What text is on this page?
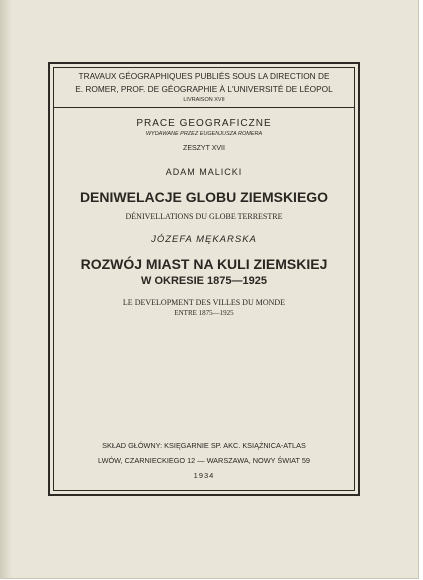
TRAVAUX GÉOGRAPHIQUES PUBLIÉS SOUS LA DIRECTION DE
E. ROMER, PROF. DE GÉOGRAPHIE À L'UNIVERSITÉ DE LÉOPOL
LIVRAISON XVII
PRACE GEOGRAFICZNE
WYDAWANE PRZEZ EUGENJUSZA ROMERA
ZESZYT XVII
ADAM MALICKI
DENIWELACJE GLOBU ZIEMSKIEGO
DÉNIVELLATIONS DU GLOBE TERRESTRE
JÓZEFA MĘKARSKA
ROZWÓJ MIAST NA KULI ZIEMSKIEJ
W OKRESIE 1875—1925
LE DEVELOPMENT DES VILLES DU MONDE
ENTRE 1875—1925
SKŁAD GŁÓWNY: KSIĘGARNIE SP. AKC. KSIĄŻNICA-ATLAS
LWÓW, CZARNIECKIEGO 12 — WARSZAWA, NOWY ŚWIAT 59
1934
